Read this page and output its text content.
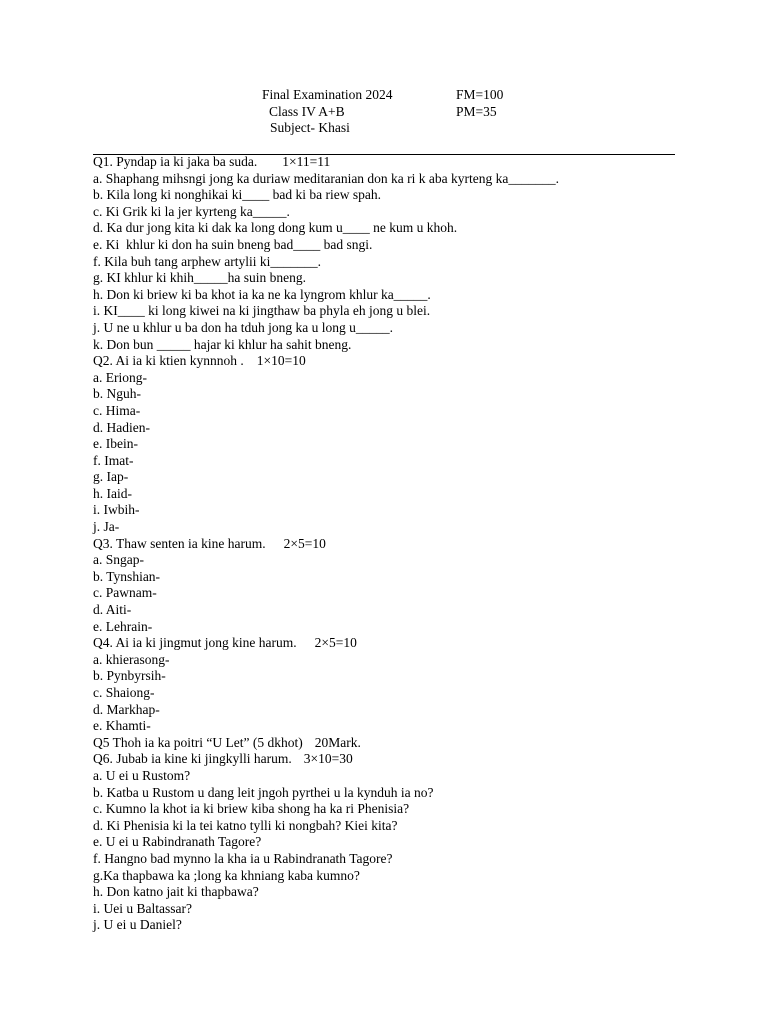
Final Examination 2024	FM=100
Class IV A+B	PM=35
Subject- Khasi
Q1. Pyndap ia ki jaka ba suda. 1×11=11
a. Shaphang mihsngi jong ka duriaw meditaranian don ka ri k aba kyrteng ka_______.
b. Kila long ki nonghikai ki____ bad ki ba riew spah.
c. Ki Grik ki la jer kyrteng ka_____.
d. Ka dur jong kita ki dak ka long dong kum u____ ne kum u khoh.
e. Ki  khlur ki don ha suin bneng bad____ bad sngi.
f. Kila buh tang arphew artylii ki_______.
g. KI khlur ki khih_____ha suin bneng.
h. Don ki briew ki ba khot ia ka ne ka lyngrom khlur ka_____.
i. KI____ ki long kiwei na ki jingthaw ba phyla eh jong u blei.
j. U ne u khlur u ba don ha tduh jong ka u long u_____.
k. Don bun _____ hajar ki khlur ha sahit bneng.
Q2. Ai ia ki ktien kynnnoh . 1×10=10
a. Eriong-
b. Nguh-
c. Hima-
d. Hadien-
e. Ibein-
f. Imat-
g. Iap-
h. Iaid-
i. Iwbih-
j. Ja-
Q3. Thaw senten ia kine harum. 2×5=10
a. Sngap-
b. Tynshian-
c. Pawnam-
d. Aiti-
e. Lehrain-
Q4. Ai ia ki jingmut jong kine harum. 2×5=10
a. khierasong-
b. Pynbyrsih-
c. Shaiong-
d. Markhap-
e. Khamti-
Q5 Thoh ia ka poitri “U Let” (5 dkhot) 20Mark.
Q6. Jubab ia kine ki jingkylli harum. 3×10=30
a. U ei u Rustom?
b. Katba u Rustom u dang leit jngoh pyrthei u la kynduh ia no?
c. Kumno la khot ia ki briew kiba shong ha ka ri Phenisia?
d. Ki Phenisia ki la tei katno tylli ki nongbah? Kiei kita?
e. U ei u Rabindranath Tagore?
f. Hangno bad mynno la kha ia u Rabindranath Tagore?
g.Ka thapbawa ka ;long ka khniang kaba kumno?
h. Don katno jait ki thapbawa?
i. Uei u Baltassar?
j. U ei u Daniel?
